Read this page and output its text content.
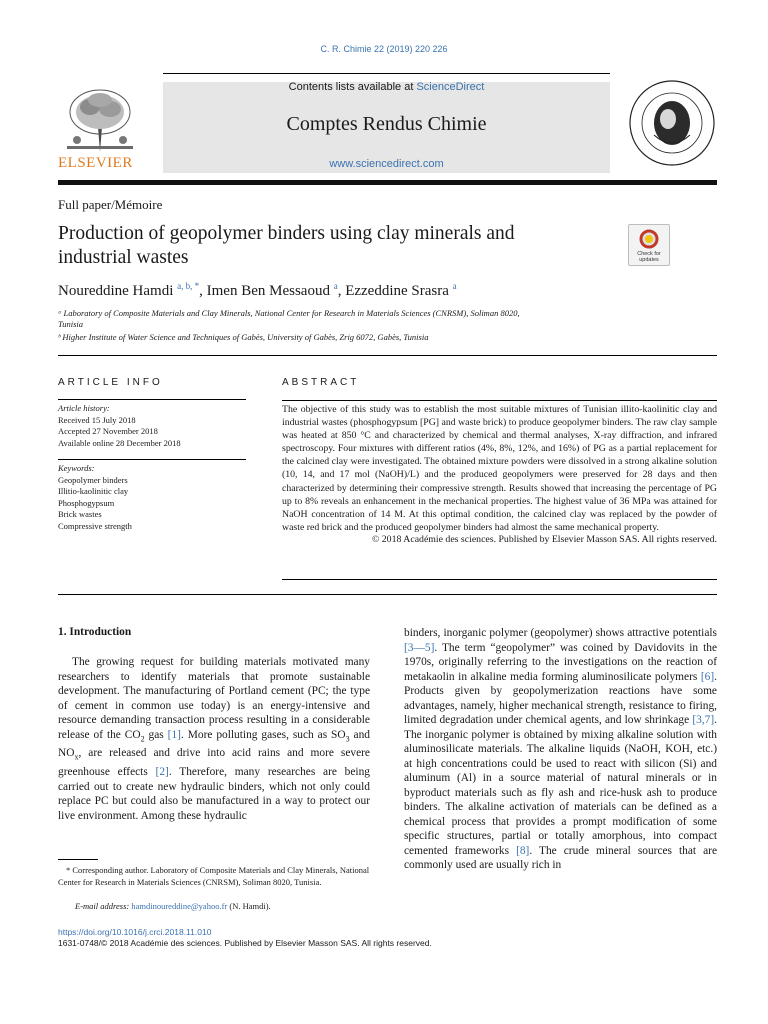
C. R. Chimie 22 (2019) 220 226
Contents lists available at ScienceDirect
Comptes Rendus Chimie
www.sciencedirect.com
ELSEVIER
Full paper/Mémoire
Production of geopolymer binders using clay minerals and
industrial wastes	Check for
updates
Noureddine Hamdi $^{a, b, *}$, Imen Ben Messaoud $^a$, Ezzeddine Srasra $^a$
ᵃ Laboratory of Composite Materials and Clay Minerals, National Center for Research in Materials Sciences (CNRSM), Soliman 8020,
Tunisia
ᵇ Higher Institute of Water Science and Techniques of Gabès, University of Gabès, Zrig 6072, Gabès, Tunisia
ARTICLE INFO
Article history:
Received 15 July 2018
Accepted 27 November 2018
Available online 28 December 2018
Keywords:
Geopolymer binders
Illitio-kaolinitic clay
Phosphogypsum
Brick wastes
Compressive strength
ABSTRACT

The objective of this study was to establish the most suitable mixtures of Tunisian illito-kaolinitic clay and industrial wastes (phosphogypsum [PG] and waste brick) to produce geopolymer binders. The raw clay sample was heated at 850 °C and characterized by chemical and thermal analyses, X-ray diffraction, and infrared spectroscopy. Four mixtures with different ratios (4%, 8%, 12%, and 16%) of PG as a partial replacement for the calcined clay were investigated. The obtained mixture powders were dissolved in a strong alkaline solution (10, 14, and 17 mol (NaOH)/L) and the produced geopolymers were preserved for 28 days and then characterized by determining their compressive strength. Results showed that increasing the percentage of PG up to 8% reveals an enhancement in the mechanical properties. The highest value of 36 MPa was attained for NaOH concentration of 14 M. At this optimal condition, the calcined clay was replaced by the powder of waste red brick and the produced geopolymer binders had almost the same mechanical property.

© 2018 Académie des sciences. Published by Elsevier Masson SAS. All rights reserved.

1. Introduction

The growing request for building materials motivated many researchers to identify materials that promote sustainable development. The manufacturing of Portland cement (PC; the type of cement in common use today) is an energy-intensive and resource demanding transaction process resulting in a considerable release of the $CO_2$ gas [1]. More polluting gases, such as $SO_3$ and $NO_x$, are released and drive into acid rains and more severe greenhouse effects [2]. Therefore, many researches are being carried out to create new hydraulic binders, which not only could replace PC but could also be manufactured in a way to protect our live environment. Among these hydraulic

binders, inorganic polymer (geopolymer) shows attractive potentials [3—5]. The term “geopolymer” was coined by Davidovits in the 1970s, originally referring to the investigations on the reaction of metakaolin in alkaline media forming aluminosilicate polymers [6]. Products given by geopolymerization reactions have some advantages, namely, higher mechanical strength, resistance to firing, limited degradation under chemical agents, and low shrinkage [3,7]. The inorganic polymer is obtained by mixing alkaline solution with aluminosilicate materials. The alkaline liquids (NaOH, KOH, etc.) at high concentrations could be used to react with silicon (Si) and aluminum (Al) in a source material of natural minerals or in byproduct materials such as fly ash and rice-husk ash to produce binders. The alkaline activation of materials can be defined as a chemical process that provides a prompt modification of some specific structures, partial or totally amorphous, into compact cemented frameworks [8]. The crude mineral sources that are commonly used are usually rich in

* Corresponding author. Laboratory of Composite Materials and Clay Minerals, National Center for Research in Materials Sciences (CNRSM), Soliman 8020, Tunisia.
E-mail address: hamdinoureddine@yahoo.fr (N. Hamdi).
https://doi.org/10.1016/j.crci.2018.11.010
1631-0748/© 2018 Académie des sciences. Published by Elsevier Masson SAS. All rights reserved.
